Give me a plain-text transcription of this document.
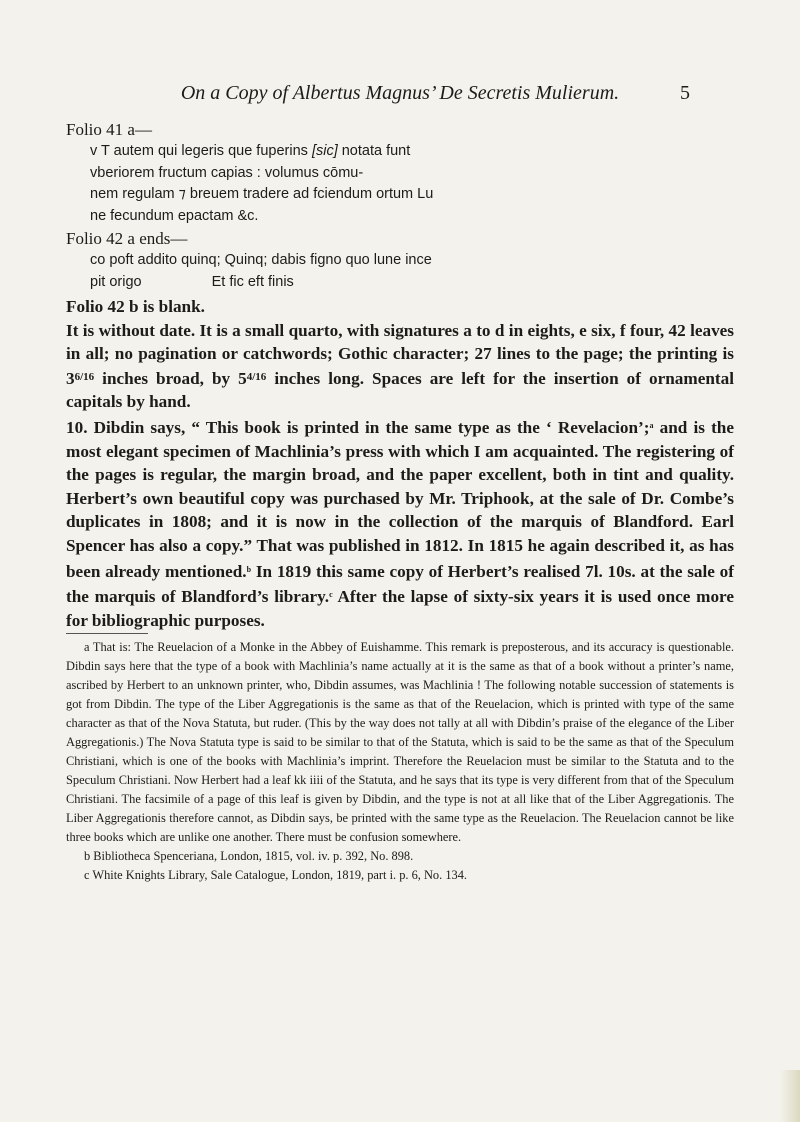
On a Copy of Albertus Magnus’ De Secretis Mulierum.	5

Folio 41 a—

v T autem qui legeris que fuperins [sic] notata funt

vberiorem fructum capias : volumus cōmu-

nem regulam ⁊ breuem tradere ad fciendum ortum Lu

ne fecundum epactam &c.

Folio 42 a ends—

co poft addito quinq; Quinq; dabis figno quo lune ince

pit origo	Et fic eft finis

Folio 42 b is blank.

It is without date. It is a small quarto, with signatures a to d in eights, e six, f four, 42 leaves in all; no pagination or catchwords; Gothic character; 27 lines to the page; the printing is $3^{6/16}$ inches broad, by $5^{4/16}$ inches long. Spaces are left for the insertion of ornamental capitals by hand.

10. Dibdin says, “ This book is printed in the same type as the ‘ Revelacion’;$^a$ and is the most elegant specimen of Machlinia’s press with which I am acquainted. The registering of the pages is regular, the margin broad, and the paper excellent, both in tint and quality. Herbert’s own beautiful copy was purchased by Mr. Triphook, at the sale of Dr. Combe’s duplicates in 1808; and it is now in the collection of the marquis of Blandford. Earl Spencer has also a copy.” That was published in 1812. In 1815 he again described it, as has been already mentioned.$^b$ In 1819 this same copy of Herbert’s realised 7l. 10s. at the sale of the marquis of Blandford’s library.$^c$ After the lapse of sixty-six years it is used once more for bibliographic purposes.

a That is: The Reuelacion of a Monke in the Abbey of Euishamme. This remark is preposterous, and its accuracy is questionable. Dibdin says here that the type of a book with Machlinia’s name actually at it is the same as that of a book without a printer’s name, ascribed by Herbert to an unknown printer, who, Dibdin assumes, was Machlinia ! The following notable succession of statements is got from Dibdin. The type of the Liber Aggregationis is the same as that of the Reuelacion, which is printed with type of the same character as that of the Nova Statuta, but ruder. (This by the way does not tally at all with Dibdin’s praise of the elegance of the Liber Aggregationis.) The Nova Statuta type is said to be similar to that of the Statuta, which is said to be the same as that of the Speculum Christiani, which is one of the books with Machlinia’s imprint. Therefore the Reuelacion must be similar to the Statuta and to the Speculum Christiani. Now Herbert had a leaf kk iiii of the Statuta, and he says that its type is very different from that of the Speculum Christiani. The facsimile of a page of this leaf is given by Dibdin, and the type is not at all like that of the Liber Aggregationis. The Liber Aggregationis therefore cannot, as Dibdin says, be printed with the same type as the Reuelacion. The Reuelacion cannot be like three books which are unlike one another. There must be confusion somewhere.

b Bibliotheca Spenceriana, London, 1815, vol. iv. p. 392, No. 898.

c White Knights Library, Sale Catalogue, London, 1819, part i. p. 6, No. 134.
